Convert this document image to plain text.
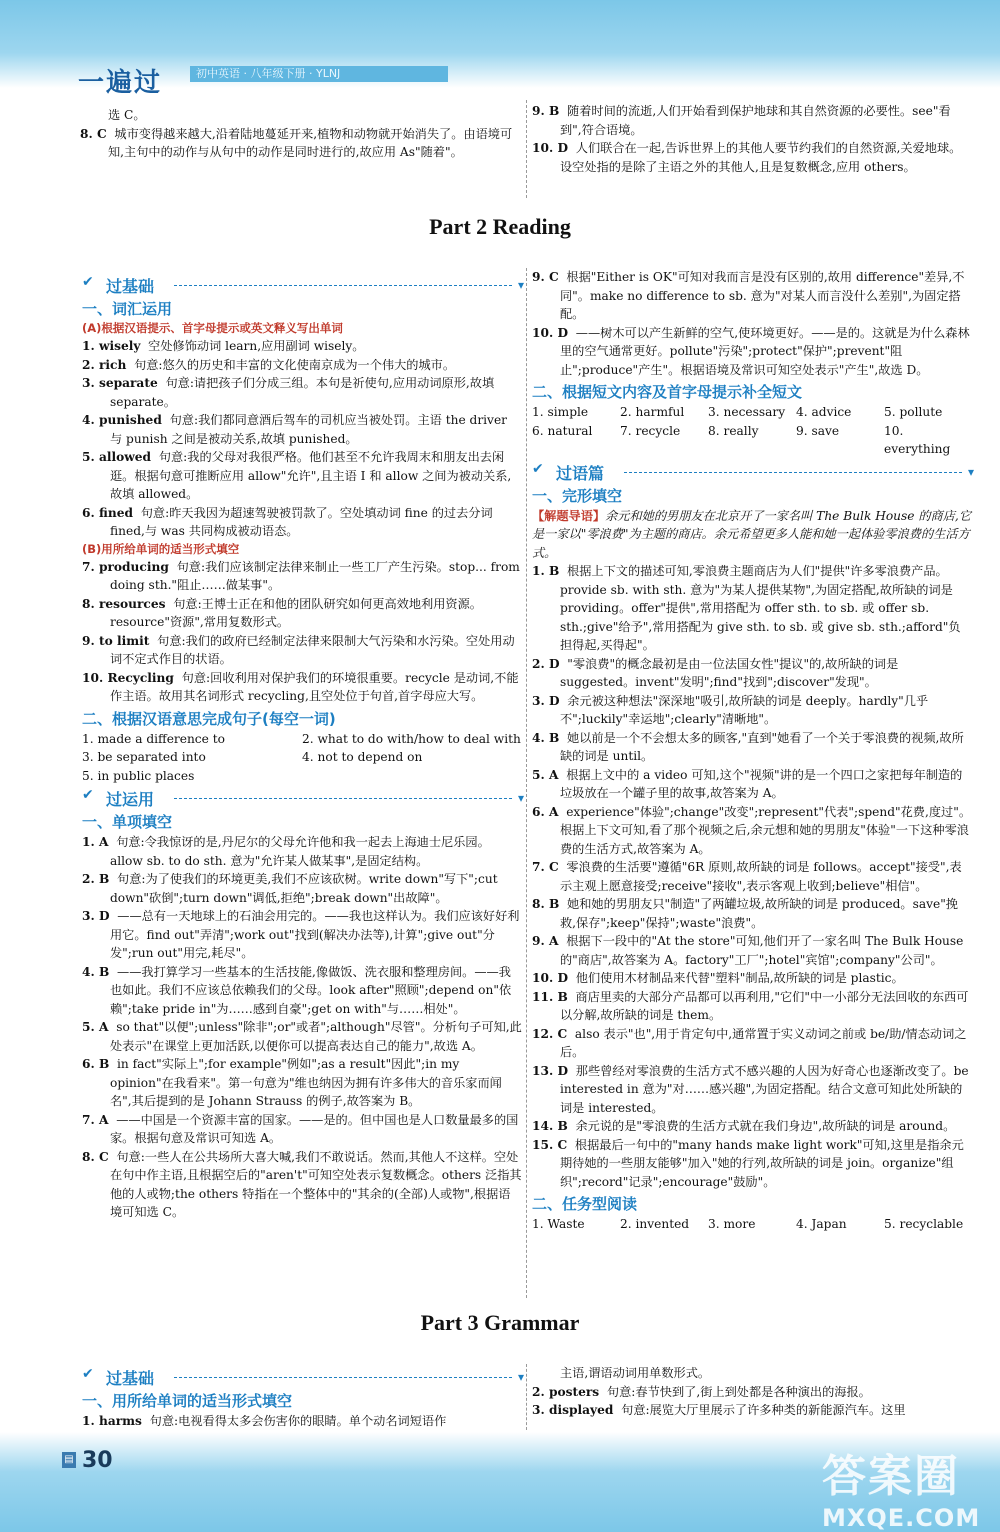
一遍过	初中英语 · 八年级下册 · YLNJ

选 C。

8. C 城市变得越来越大,沿着陆地蔓延开来,植物和动物就开始消失了。由语境可知,主句中的动作与从句中的动作是同时进行的,故应用 As"随着"。

9. B 随着时间的流逝,人们开始看到保护地球和其自然资源的必要性。see"看到",符合语境。

10. D 人们联合在一起,告诉世界上的其他人要节约我们的自然资源,关爱地球。设空处指的是除了主语之外的其他人,且是复数概念,应用 others。

Part 2 Reading
✔ 过基础
▾
一、词汇运用
(A)根据汉语提示、首字母提示或英文释义写出单词

1. wisely 空处修饰动词 learn,应用副词 wisely。

2. rich 句意:悠久的历史和丰富的文化使南京成为一个伟大的城市。

3. separate 句意:请把孩子们分成三组。本句是祈使句,应用动词原形,故填 separate。

4. punished 句意:我们都同意酒后驾车的司机应当被处罚。主语 the driver 与 punish 之间是被动关系,故填 punished。

5. allowed 句意:我的父母对我很严格。他们甚至不允许我周末和朋友出去闲逛。根据句意可推断应用 allow"允许",且主语 I 和 allow 之间为被动关系,故填 allowed。

6. fined 句意:昨天我因为超速驾驶被罚款了。空处填动词 fine 的过去分词 fined,与 was 共同构成被动语态。

(B)用所给单词的适当形式填空

7. producing 句意:我们应该制定法律来制止一些工厂产生污染。stop... from doing sth."阻止……做某事"。

8. resources 句意:王博士正在和他的团队研究如何更高效地利用资源。resource"资源",常用复数形式。

9. to limit 句意:我们的政府已经制定法律来限制大气污染和水污染。空处用动词不定式作目的状语。

10. Recycling 句意:回收利用对保护我们的环境很重要。recycle 是动词,不能作主语。故用其名词形式 recycling,且空处位于句首,首字母应大写。

二、根据汉语意思完成句子(每空一词)
1. made a difference to	2. what to do with/how to deal with
3. be separated into	4. not to depend on
5. in public places
✔ 过运用
▾
一、单项填空

1. A 句意:令我惊讶的是,丹尼尔的父母允许他和我一起去上海迪士尼乐园。allow sb. to do sth. 意为"允许某人做某事",是固定结构。

2. B 句意:为了使我们的环境更美,我们不应该砍树。write down"写下";cut down"砍倒";turn down"调低,拒绝";break down"出故障"。

3. D ——总有一天地球上的石油会用完的。——我也这样认为。我们应该好好利用它。find out"弄清";work out"找到(解决办法等),计算";give out"分发";run out"用完,耗尽"。

4. B ——我打算学习一些基本的生活技能,像做饭、洗衣服和整理房间。——我也如此。我们不应该总依赖我们的父母。look after"照顾";depend on"依赖";take pride in"为……感到自豪";get on with"与……相处"。

5. A so that"以便";unless"除非";or"或者";although"尽管"。分析句子可知,此处表示"在课堂上更加活跃,以便你可以提高表达自己的能力",故选 A。

6. B in fact"实际上";for example"例如";as a result"因此";in my opinion"在我看来"。第一句意为"维也纳因为拥有许多伟大的音乐家而闻名",其后提到的是 Johann Strauss 的例子,故答案为 B。

7. A ——中国是一个资源丰富的国家。——是的。但中国也是人口数量最多的国家。根据句意及常识可知选 A。

8. C 句意:一些人在公共场所大喜大喊,我们不敢说话。然而,其他人不这样。空处在句中作主语,且根据空后的"aren't"可知空处表示复数概念。others 泛指其他的人或物;the others 特指在一个整体中的"其余的(全部)人或物",根据语境可知选 C。

9. C 根据"Either is OK"可知对我而言是没有区别的,故用 difference"差异,不同"。make no difference to sb. 意为"对某人而言没什么差别",为固定搭配。

10. D ——树木可以产生新鲜的空气,使环境更好。——是的。这就是为什么森林里的空气通常更好。pollute"污染";protect"保护";prevent"阻止";produce"产生"。根据语境及常识可知空处表示"产生",故选 D。

二、根据短文内容及首字母提示补全短文
1. simple	2. harmful	3. necessary 4. advice	5. pollute
6. natural	7. recycle	8. really	9. save	10. everything
✔ 过语篇
▾
一、完形填空

【解题导语】余元和她的男朋友在北京开了一家名叫 The Bulk House 的商店,它是一家以"零浪费"为主题的商店。余元希望更多人能和她一起体验零浪费的生活方式。

1. B 根据上下文的描述可知,零浪费主题商店为人们"提供"许多零浪费产品。provide sb. with sth. 意为"为某人提供某物",为固定搭配,故所缺的词是 providing。offer"提供",常用搭配为 offer sth. to sb. 或 offer sb. sth.;give"给予",常用搭配为 give sth. to sb. 或 give sb. sth.;afford"负担得起,买得起"。

2. D "零浪费"的概念最初是由一位法国女性"提议"的,故所缺的词是 suggested。invent"发明";find"找到";discover"发现"。

3. D 余元被这种想法"深深地"吸引,故所缺的词是 deeply。hardly"几乎不";luckily"幸运地";clearly"清晰地"。

4. B 她以前是一个不会想太多的顾客,"直到"她看了一个关于零浪费的视频,故所缺的词是 until。

5. A 根据上文中的 a video 可知,这个"视频"讲的是一个四口之家把每年制造的垃圾放在一个罐子里的故事,故答案为 A。

6. A experience"体验";change"改变";represent"代表";spend"花费,度过"。根据上下文可知,看了那个视频之后,余元想和她的男朋友"体验"一下这种零浪费的生活方式,故答案为 A。

7. C 零浪费的生活要"遵循"6R 原则,故所缺的词是 follows。accept"接受",表示主观上愿意接受;receive"接收",表示客观上收到;believe"相信"。

8. B 她和她的男朋友只"制造"了两罐垃圾,故所缺的词是 produced。save"挽救,保存";keep"保持";waste"浪费"。

9. A 根据下一段中的"At the store"可知,他们开了一家名叫 The Bulk House 的"商店",故答案为 A。factory"工厂";hotel"宾馆";company"公司"。

10. D 他们使用木材制品来代替"塑料"制品,故所缺的词是 plastic。

11. B 商店里卖的大部分产品都可以再利用,"它们"中一小部分无法回收的东西可以分解,故所缺的词是 them。

12. C also 表示"也",用于肯定句中,通常置于实义动词之前或 be/助/情态动词之后。

13. D 那些曾经对零浪费的生活方式不感兴趣的人因为好奇心也逐渐改变了。be interested in 意为"对……感兴趣",为固定搭配。结合文意可知此处所缺的词是 interested。

14. B 余元说的是"零浪费的生活方式就在我们身边",故所缺的词是 around。

15. C 根据最后一句中的"many hands make light work"可知,这里是指余元期待她的一些朋友能够"加入"她的行列,故所缺的词是 join。organize"组织";record"记录";encourage"鼓励"。

二、任务型阅读
1. Waste	2. invented	3. more	4. Japan	5. recyclable
Part 3 Grammar
✔ 过基础
▾
一、用所给单词的适当形式填空

1. harms 句意:电视看得太多会伤害你的眼睛。单个动名词短语作

主语,谓语动词用单数形式。

2. posters 句意:春节快到了,街上到处都是各种演出的海报。

3. displayed 句意:展览大厅里展示了许多种类的新能源汽车。这里

▤ 30	答案圈
MXQE.COM
